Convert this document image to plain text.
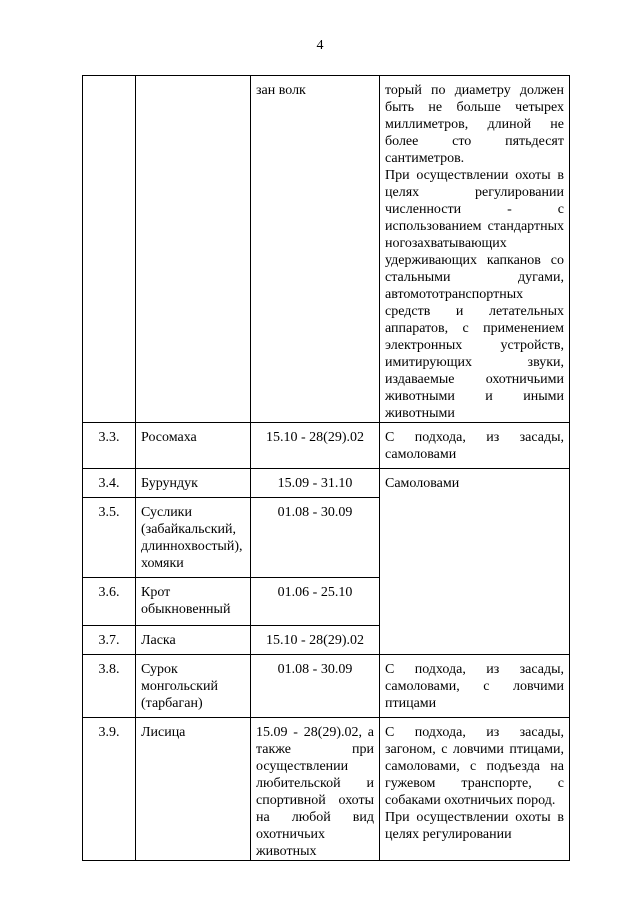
4
		зан волк	торый по диаметру должен быть не больше четырех миллиметров, длиной не более сто пятьдесят сантиметров.
При осуществлении охоты в целях регулировании численности - с использованием стандартных ногозахватывающих удерживающих капканов со стальными дугами, автомототранспортных средств и летательных аппаратов, с применением электронных устройств, имитирующих звуки, издаваемые охотничьими животными и иными животными
3.3.	Росомаха	15.10 - 28(29).02	С подхода, из засады, самоловами
3.4.	Бурундук	15.09 - 31.10	Самоловами
3.5.	Суслики (забайкальский, длиннохвостый), хомяки	01.08 - 30.09	
3.6.	Крот обыкновенный	01.06 - 25.10	
3.7.	Ласка	15.10 - 28(29).02	
3.8.	Сурок монгольский (тарбаган)	01.08 - 30.09	С подхода, из засады, самоловами, с ловчими птицами
3.9.	Лисица	15.09 - 28(29).02, а также при осуществлении любительской и спортивной охоты на любой вид охотничьих животных	С подхода, из засады, загоном, с ловчими птицами, самоловами, с подъезда на гужевом транспорте, с собаками охотничьих пород.
При осуществлении охоты в целях регулировании
